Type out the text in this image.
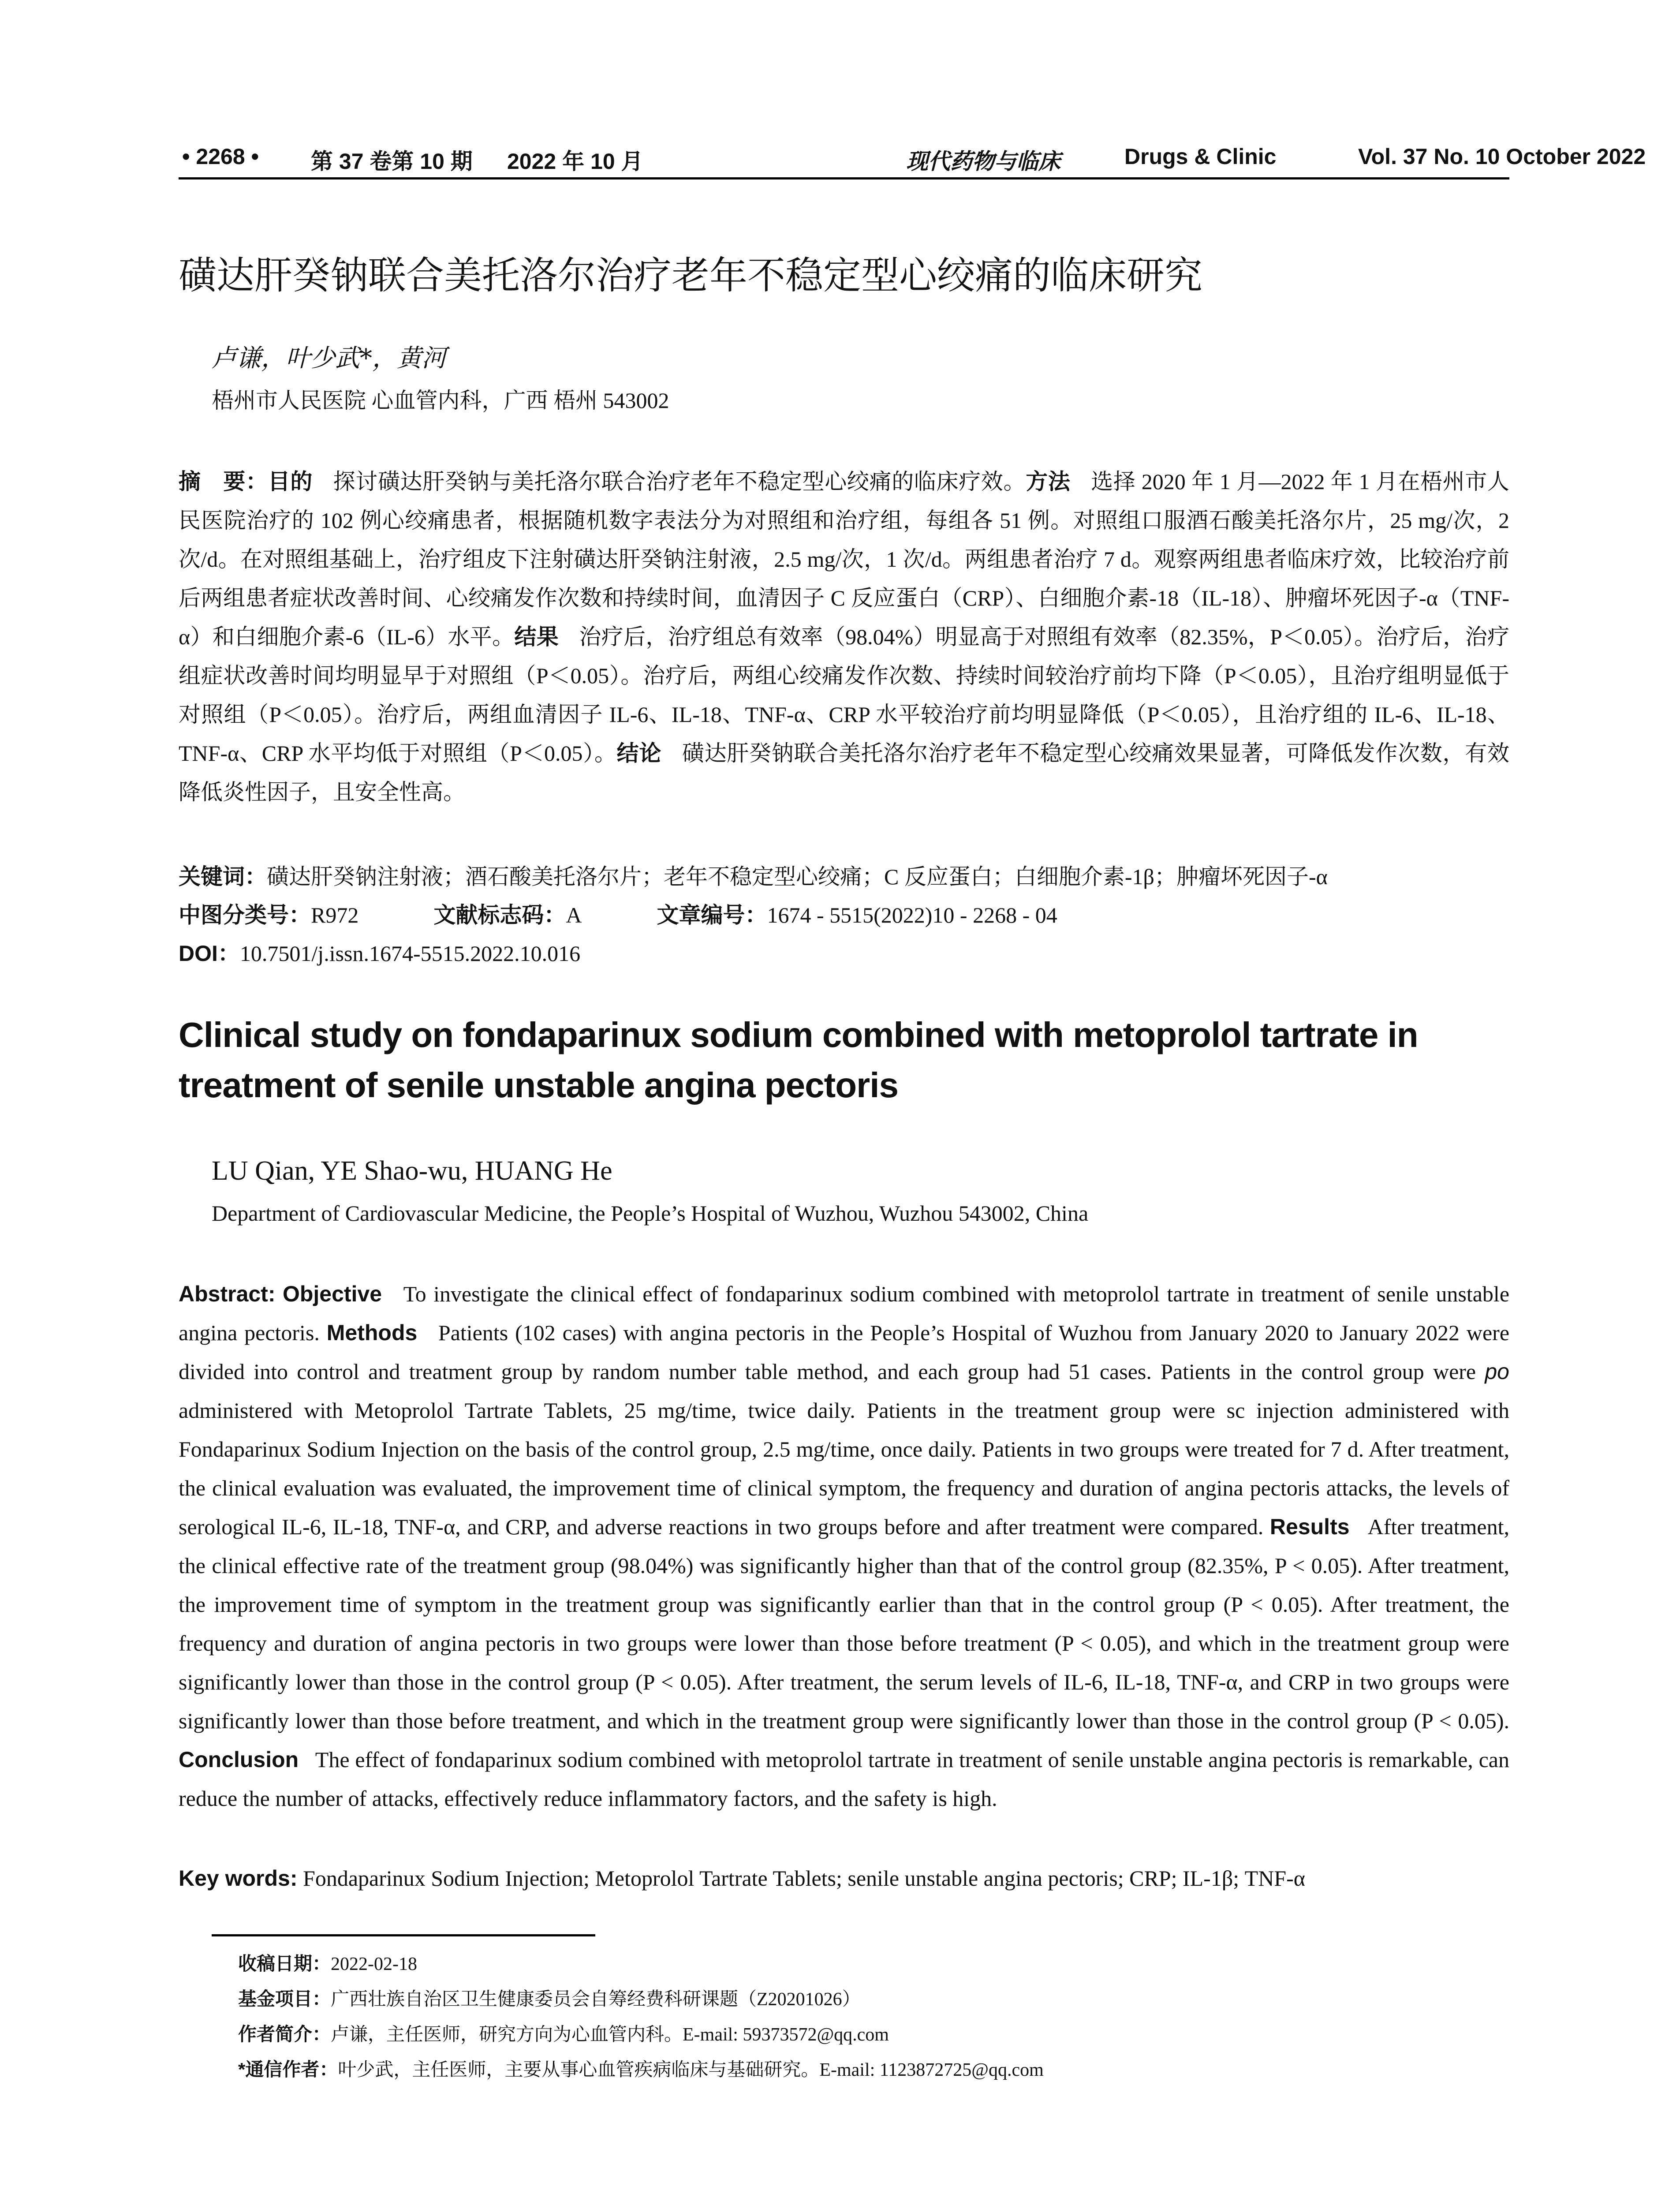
• 2268 • 第 37 卷第 10 期 2022 年 10 月	现代药物与临床	Drugs & Clinic	Vol. 37 No. 10 October 2022
磺达肝癸钠联合美托洛尔治疗老年不稳定型心绞痛的临床研究
卢谦，叶少武*，黄河
梧州市人民医院 心血管内科，广西 梧州 543002
摘　要：目的 探讨磺达肝癸钠与美托洛尔联合治疗老年不稳定型心绞痛的临床疗效。方法 选择 2020 年 1 月—2022 年 1 月在梧州市人民医院治疗的 102 例心绞痛患者，根据随机数字表法分为对照组和治疗组，每组各 51 例。对照组口服酒石酸美托洛尔片，25 mg/次，2 次/d。在对照组基础上，治疗组皮下注射磺达肝癸钠注射液，2.5 mg/次，1 次/d。两组患者治疗 7 d。观察两组患者临床疗效，比较治疗前后两组患者症状改善时间、心绞痛发作次数和持续时间，血清因子 C 反应蛋白（CRP）、白细胞介素-18（IL-18）、肿瘤坏死因子-α（TNF-α）和白细胞介素-6（IL-6）水平。结果 治疗后，治疗组总有效率（98.04%）明显高于对照组有效率（82.35%，P＜0.05）。治疗后，治疗组症状改善时间均明显早于对照组（P＜0.05）。治疗后，两组心绞痛发作次数、持续时间较治疗前均下降（P＜0.05），且治疗组明显低于对照组（P＜0.05）。治疗后，两组血清因子 IL-6、IL-18、TNF-α、CRP 水平较治疗前均明显降低（P＜0.05），且治疗组的 IL-6、IL-18、TNF-α、CRP 水平均低于对照组（P＜0.05）。结论 磺达肝癸钠联合美托洛尔治疗老年不稳定型心绞痛效果显著，可降低发作次数，有效降低炎性因子，且安全性高。
关键词：磺达肝癸钠注射液；酒石酸美托洛尔片；老年不稳定型心绞痛；C 反应蛋白；白细胞介素-1β；肿瘤坏死因子-α
中图分类号：R972	文献标志码：A	文章编号：1674 - 5515(2022)10 - 2268 - 04
DOI：10.7501/j.issn.1674-5515.2022.10.016
Clinical study on fondaparinux sodium combined with metoprolol tartrate in treatment of senile unstable angina pectoris
LU Qian, YE Shao-wu, HUANG He
Department of Cardiovascular Medicine, the People’s Hospital of Wuzhou, Wuzhou 543002, China
Abstract: Objective To investigate the clinical effect of fondaparinux sodium combined with metoprolol tartrate in treatment of senile unstable angina pectoris. Methods Patients (102 cases) with angina pectoris in the People’s Hospital of Wuzhou from January 2020 to January 2022 were divided into control and treatment group by random number table method, and each group had 51 cases. Patients in the control group were po administered with Metoprolol Tartrate Tablets, 25 mg/time, twice daily. Patients in the treatment group were sc injection administered with Fondaparinux Sodium Injection on the basis of the control group, 2.5 mg/time, once daily. Patients in two groups were treated for 7 d. After treatment, the clinical evaluation was evaluated, the improvement time of clinical symptom, the frequency and duration of angina pectoris attacks, the levels of serological IL-6, IL-18, TNF-α, and CRP, and adverse reactions in two groups before and after treatment were compared. Results After treatment, the clinical effective rate of the treatment group (98.04%) was significantly higher than that of the control group (82.35%, P < 0.05). After treatment, the improvement time of symptom in the treatment group was significantly earlier than that in the control group (P < 0.05). After treatment, the frequency and duration of angina pectoris in two groups were lower than those before treatment (P < 0.05), and which in the treatment group were significantly lower than those in the control group (P < 0.05). After treatment, the serum levels of IL-6, IL-18, TNF-α, and CRP in two groups were significantly lower than those before treatment, and which in the treatment group were significantly lower than those in the control group (P < 0.05). Conclusion The effect of fondaparinux sodium combined with metoprolol tartrate in treatment of senile unstable angina pectoris is remarkable, can reduce the number of attacks, effectively reduce inflammatory factors, and the safety is high.
Key words: Fondaparinux Sodium Injection; Metoprolol Tartrate Tablets; senile unstable angina pectoris; CRP; IL-1β; TNF-α
收稿日期：2022-02-18
基金项目：广西壮族自治区卫生健康委员会自筹经费科研课题（Z20201026）
作者简介：卢谦，主任医师，研究方向为心血管内科。E-mail: 59373572@qq.com
*通信作者：叶少武，主任医师，主要从事心血管疾病临床与基础研究。E-mail: 1123872725@qq.com
